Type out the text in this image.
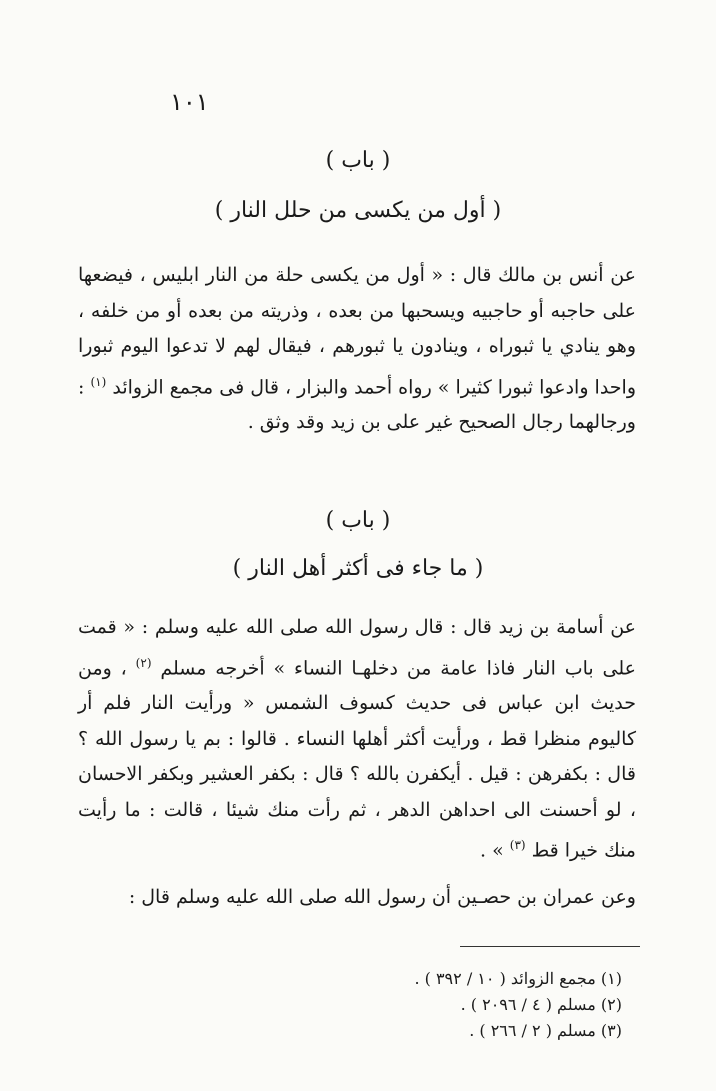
١٠١
( باب )
( أول من يكسى من حلل النار )
عن أنس بن مالك قال : « أول من يكسى حلة من النار ابليس ، فيضعها على حاجبه أو حاجبيه ويسحبها من بعده ، وذريته من بعده أو من خلفه ، وهو ينادي يا ثبوراه ، وينادون يا ثبورهم ، فيقال لهم لا تدعوا اليوم ثبورا واحدا وادعوا ثبورا كثيرا » رواه أحمد والبزار ، قال فى مجمع الزوائد $^{(١)}$ : ورجالهما رجال الصحيح غير على بن زيد وقد وثق .
( باب )
( ما جاء فى أكثر أهل النار )
عن أسامة بن زيد قال : قال رسول الله صلى الله عليه وسلم : « قمت على باب النار فاذا عامة من دخلهـا النساء » أخرجه مسلم $^{(٢)}$ ، ومن حديث ابن عباس فى حديث كسوف الشمس « ورأيت النار فلم أر كاليوم منظرا قط ، ورأيت أكثر أهلها النساء . قالوا : بم يا رسول الله ؟ قال : بكفرهن : قيل . أيكفرن بالله ؟ قال : بكفر العشير وبكفر الاحسان ، لو أحسنت الى احداهن الدهر ، ثم رأت منك شيئا ، قالت : ما رأيت منك خيرا قط $^{(٣)}$ » .
وعن عمران بن حصـين أن رسول الله صلى الله عليه وسلم قال :
(١) مجمع الزوائد ( ١٠ / ٣٩٢ ) .
(٢) مسلم ( ٤ / ٢٠٩٦ ) .
(٣) مسلم ( ٢ / ٢٦٦ ) .
